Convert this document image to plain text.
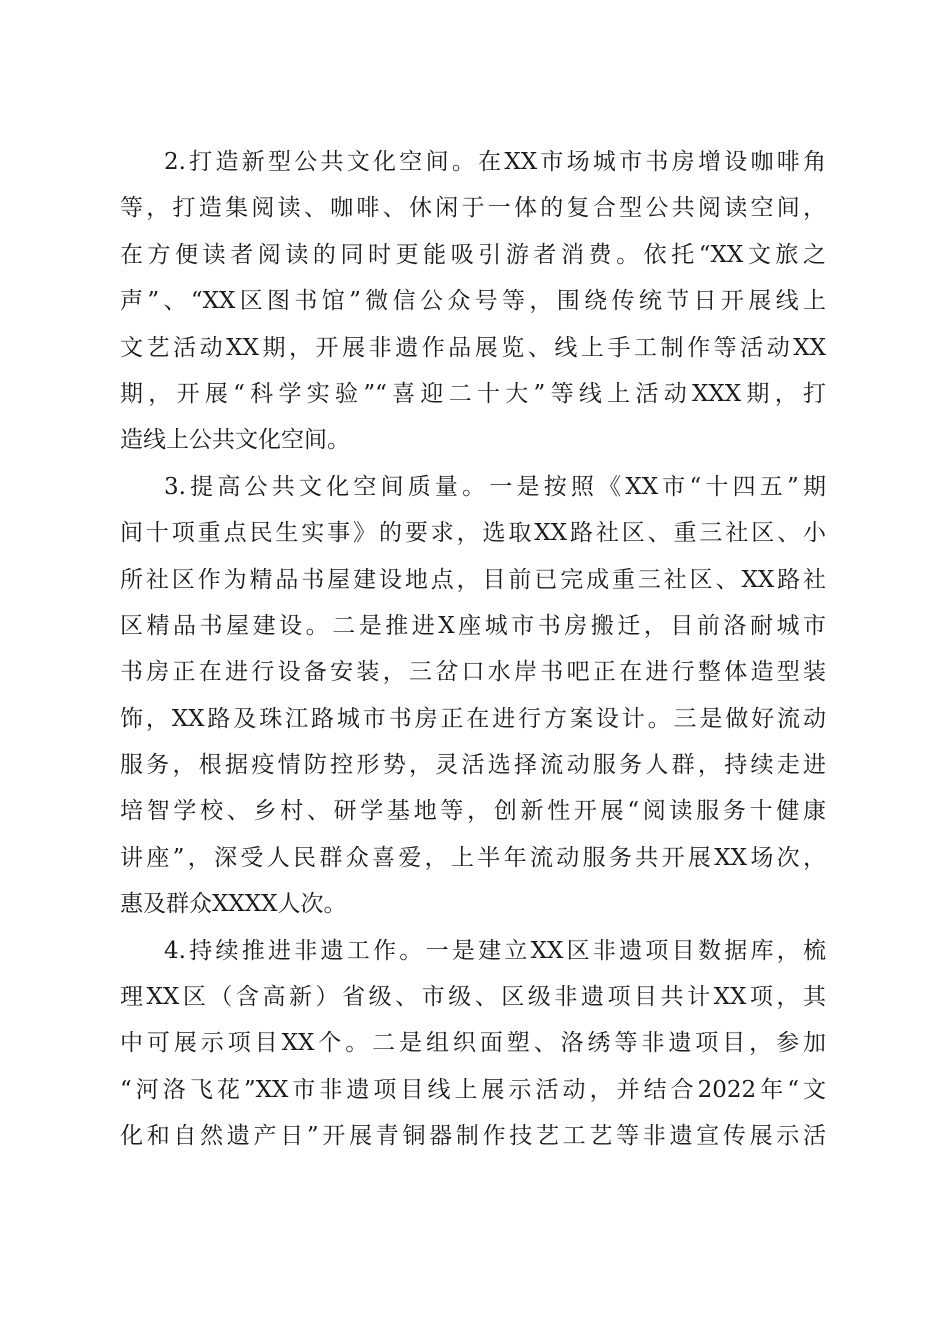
2.打造新型公共文化空间。在XX市场城市书房增设咖啡角
等，打造集阅读、咖啡、休闲于一体的复合型公共阅读空间，
在方便读者阅读的同时更能吸引游者消费。依托“XX文旅之
声”、“XX区图书馆”微信公众号等，围绕传统节日开展线上
文艺活动XX期，开展非遗作品展览、线上手工制作等活动XX
期，开展“科学实验”“喜迎二十大”等线上活动XXX期，打
造线上公共文化空间。
3.提高公共文化空间质量。一是按照《XX市“十四五”期
间十项重点民生实事》的要求，选取XX路社区、重三社区、小
所社区作为精品书屋建设地点，目前已完成重三社区、XX路社
区精品书屋建设。二是推进X座城市书房搬迁，目前洛耐城市
书房正在进行设备安装，三岔口水岸书吧正在进行整体造型装
饰，XX路及珠江路城市书房正在进行方案设计。三是做好流动
服务，根据疫情防控形势，灵活选择流动服务人群，持续走进
培智学校、乡村、研学基地等，创新性开展“阅读服务十健康
讲座”，深受人民群众喜爱，上半年流动服务共开展XX场次，
惠及群众XXXX人次。
4.持续推进非遗工作。一是建立XX区非遗项目数据库，梳
理XX区（含高新）省级、市级、区级非遗项目共计XX项，其
中可展示项目XX个。二是组织面塑、洛绣等非遗项目，参加
“河洛飞花”XX市非遗项目线上展示活动，并结合2022年“文
化和自然遗产日”开展青铜器制作技艺工艺等非遗宣传展示活
